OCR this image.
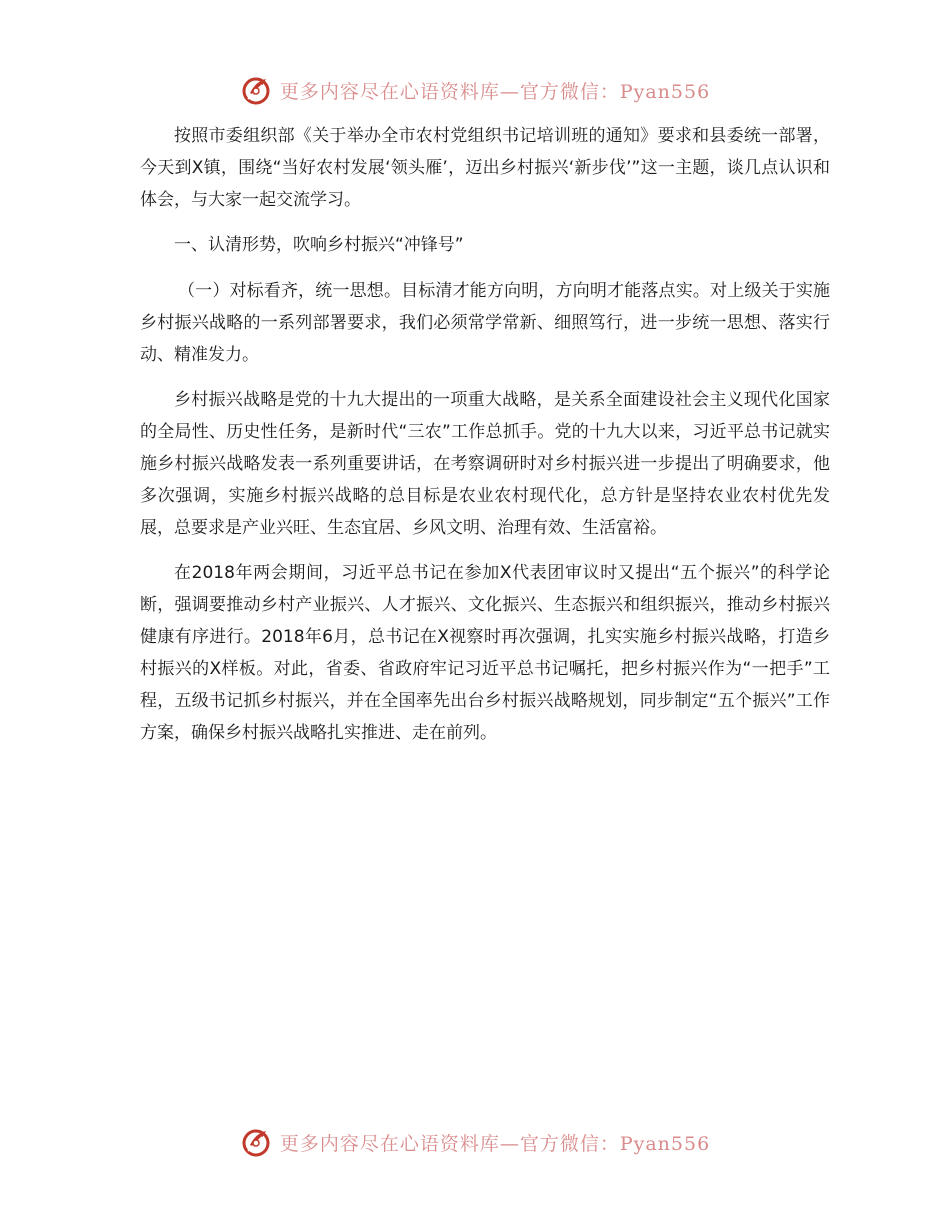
更多内容尽在心语资料库—官方微信：Pyan556

按照市委组织部《关于举办全市农村党组织书记培训班的通知》要求和县委统一部署，今天到X镇，围绕“当好农村发展‘领头雁’，迈出乡村振兴‘新步伐’”这一主题，谈几点认识和体会，与大家一起交流学习。

一、认清形势，吹响乡村振兴“冲锋号”

（一）对标看齐，统一思想。目标清才能方向明，方向明才能落点实。对上级关于实施乡村振兴战略的一系列部署要求，我们必须常学常新、细照笃行，进一步统一思想、落实行动、精准发力。

乡村振兴战略是党的十九大提出的一项重大战略，是关系全面建设社会主义现代化国家的全局性、历史性任务，是新时代“三农”工作总抓手。党的十九大以来，习近平总书记就实施乡村振兴战略发表一系列重要讲话，在考察调研时对乡村振兴进一步提出了明确要求，他多次强调，实施乡村振兴战略的总目标是农业农村现代化，总方针是坚持农业农村优先发展，总要求是产业兴旺、生态宜居、乡风文明、治理有效、生活富裕。

在2018年两会期间，习近平总书记在参加X代表团审议时又提出“五个振兴”的科学论断，强调要推动乡村产业振兴、人才振兴、文化振兴、生态振兴和组织振兴，推动乡村振兴健康有序进行。2018年6月，总书记在X视察时再次强调，扎实实施乡村振兴战略，打造乡村振兴的X样板。对此，省委、省政府牢记习近平总书记嘱托，把乡村振兴作为“一把手”工程，五级书记抓乡村振兴，并在全国率先出台乡村振兴战略规划，同步制定“五个振兴”工作方案，确保乡村振兴战略扎实推进、走在前列。

更多内容尽在心语资料库—官方微信：Pyan556
